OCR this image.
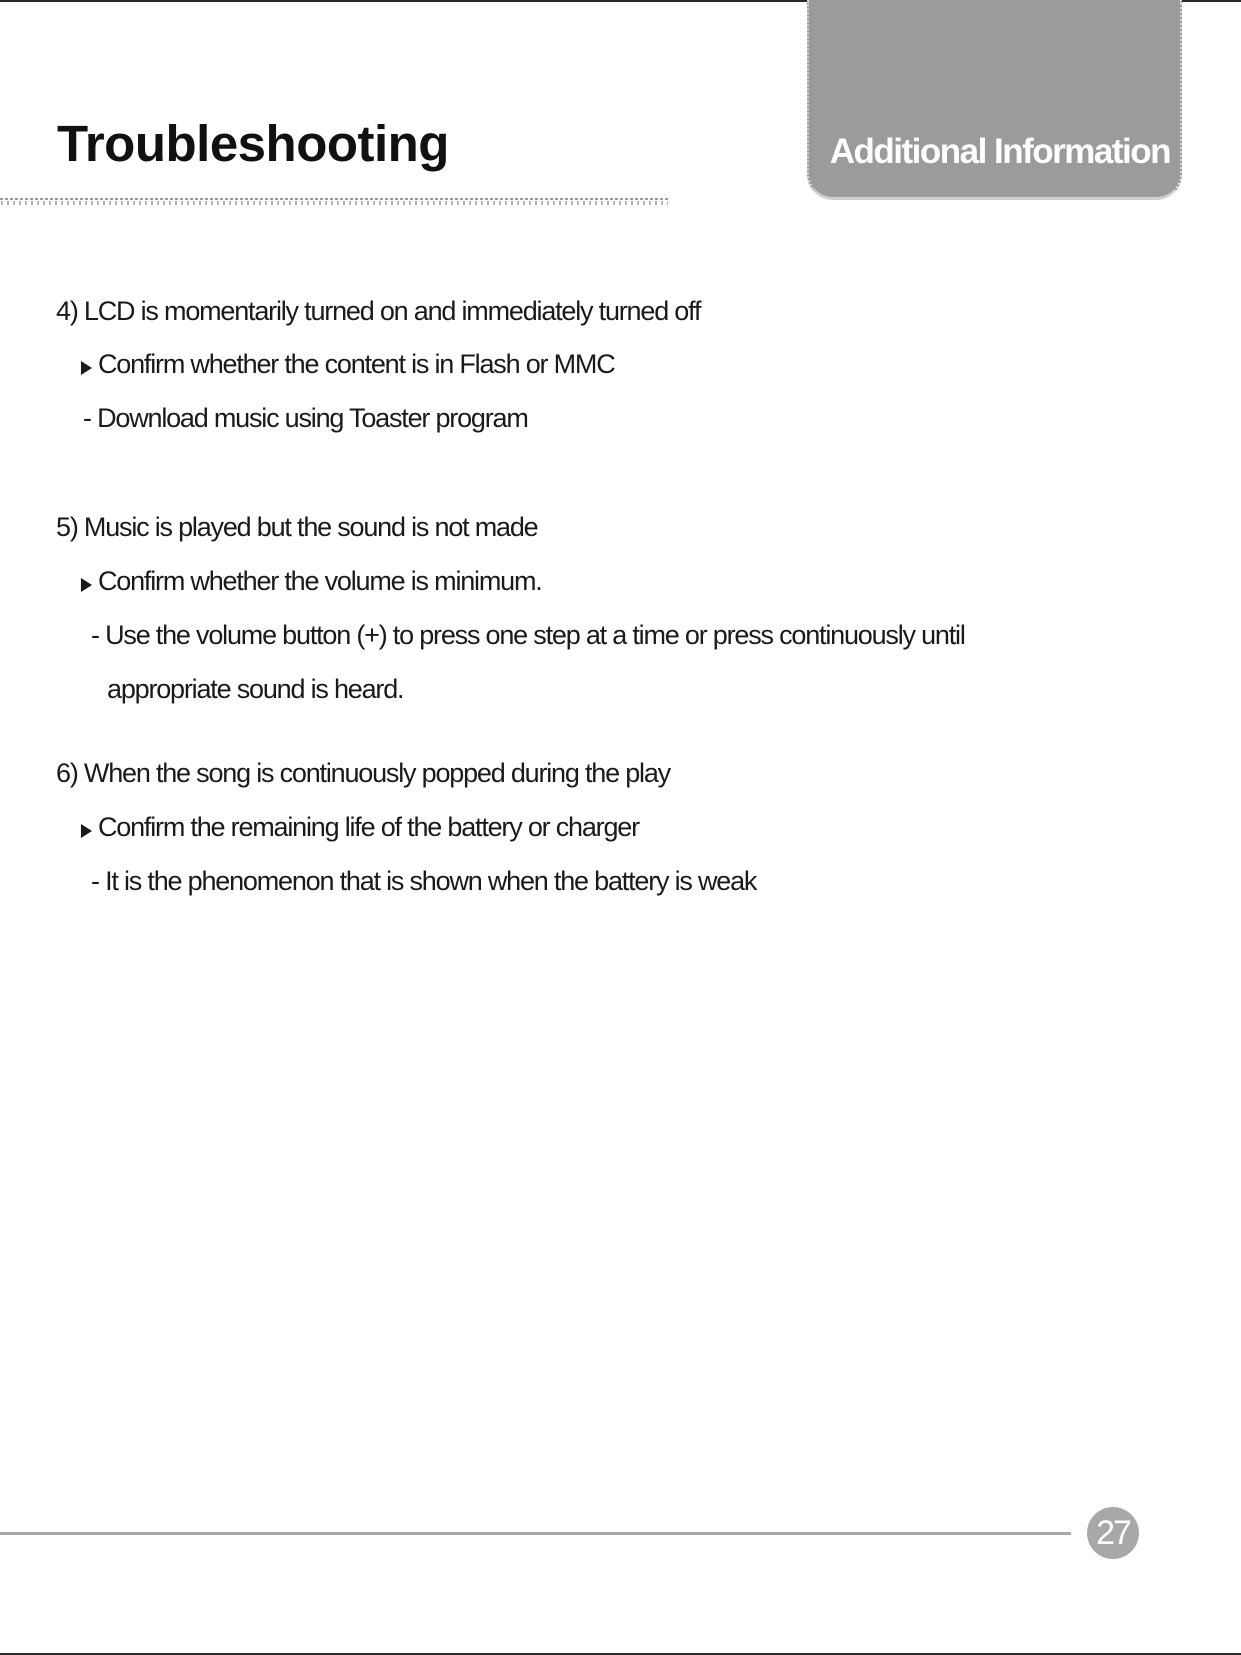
Additional Information
Troubleshooting
4) LCD is momentarily turned on and immediately turned off
Confirm whether the content is in Flash or MMC
- Download music using Toaster program
5) Music is played but the sound is not made
Confirm whether the volume is minimum.
- Use the volume button (+) to press one step at a time or press continuously until
appropriate sound is heard.
6) When the song is continuously popped during the play
Confirm the remaining life of the battery or charger
- It is the phenomenon that is shown when the battery is weak
27
